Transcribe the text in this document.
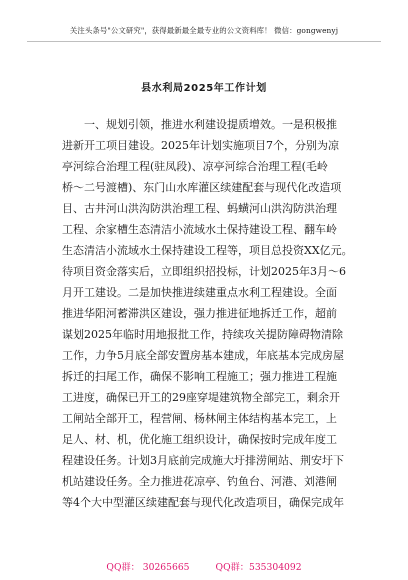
关注头条号"公文研究"，获得最新最全最专业的公文资料库！ 微信：gongwenyj
县水利局2025年工作计划
一、规划引领，推进水利建设提质增效。一是积极推
进新开工项目建设。2025年计划实施项目7个，分别为凉
亭河综合治理工程(驻凤段)、凉亭河综合治理工程(毛岭
桥～二号渡槽)、东门山水库灌区续建配套与现代化改造项
目、古井河山洪沟防洪治理工程、蚂蟥河山洪沟防洪治理
工程、余家槽生态清洁小流域水土保持建设工程、翻车岭
生态清洁小流域水土保持建设工程等，项目总投资XX亿元。
待项目资金落实后，立即组织招投标，计划2025年3月～6
月开工建设。二是加快推进续建重点水利工程建设。全面
推进华阳河蓄滞洪区建设，强力推进征地拆迁工作，超前
谋划2025年临时用地报批工作，持续攻关提防障碍物清除
工作，力争5月底全部安置房基本建成，年底基本完成房屋
拆迁的扫尾工作，确保不影响工程施工；强力推进工程施
工进度，确保已开工的29座穿堤建筑物全部完工，剩余开
工闸站全部开工，程营闸、杨林闸主体结构基本完工，上
足人、材、机，优化施工组织设计，确保按时完成年度工
程建设任务。计划3月底前完成施大圩排涝闸站、荆安圩下
机站建设任务。全力推进花凉亭、钓鱼台、河港、刘港闸
等4个大中型灌区续建配套与现代化改造项目，确保完成年
QQ群： 30265665	QQ群：535304092
